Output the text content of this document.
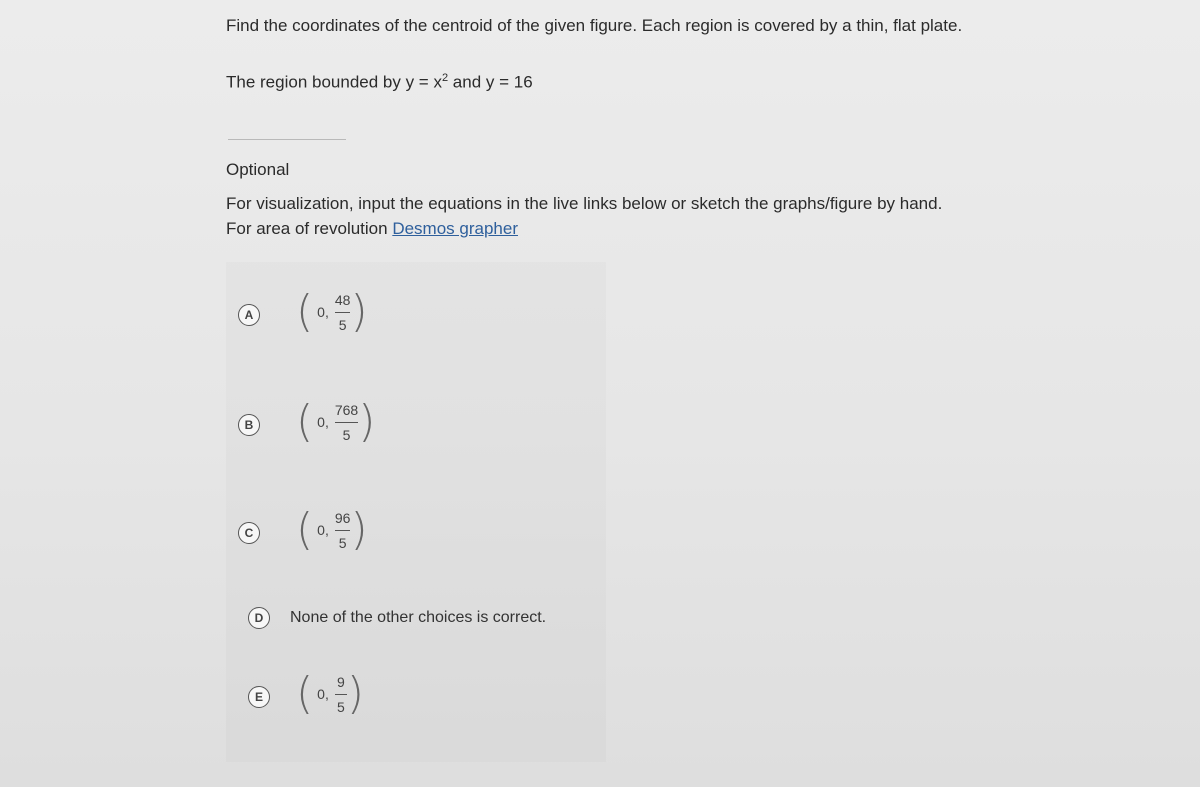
Find the coordinates of the centroid of the given figure. Each region is covered by a thin, flat plate.
The region bounded by $y = x^2$ and y = 16
Optional
For visualization, input the equations in the live links below or sketch the graphs/figure by hand.
For area of revolution Desmos grapher
A ( 0, $\frac{48}{5}$ )
B ( 0, $\frac{768}{5}$ )
C ( 0, $\frac{96}{5}$ )
D	None of the other choices is correct.
E ( 0, $\frac{9}{5}$ )
